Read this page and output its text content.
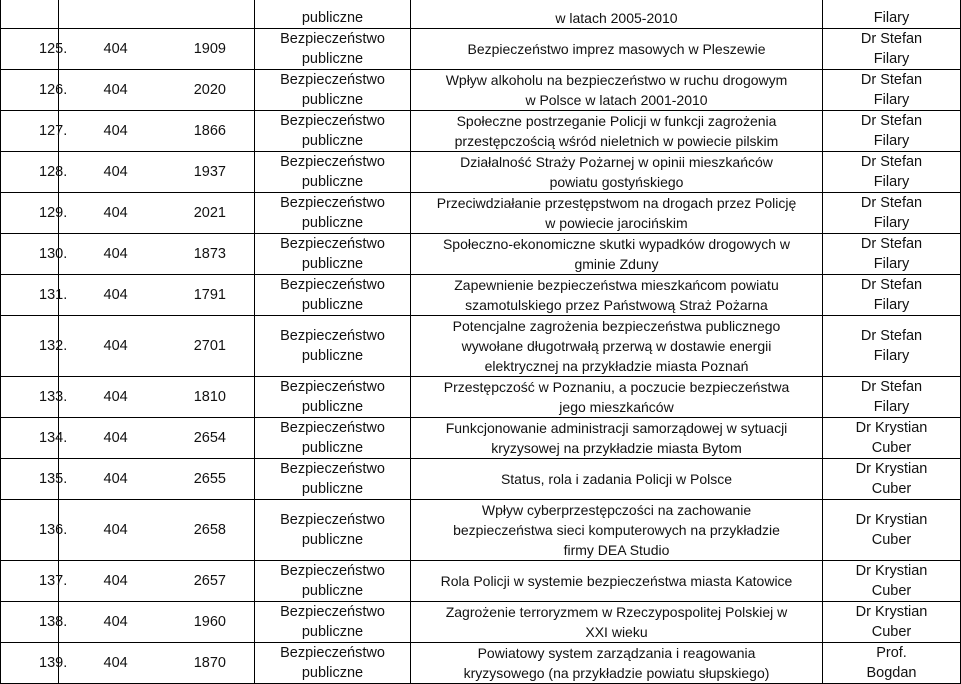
		publiczne	w latach 2005-2010	Filary
125.	404 1909	Bezpieczeństwo
publiczne	Bezpieczeństwo imprez masowych w Pleszewie	Dr Stefan
Filary
126.	404 2020	Bezpieczeństwo
publiczne	Wpływ alkoholu na bezpieczeństwo w ruchu drogowym
w Polsce w latach 2001-2010	Dr Stefan
Filary
127.	404 1866	Bezpieczeństwo
publiczne	Społeczne postrzeganie Policji w funkcji zagrożenia
przestępczością wśród nieletnich w powiecie pilskim	Dr Stefan
Filary
128.	404 1937	Bezpieczeństwo
publiczne	Działalność Straży Pożarnej w opinii mieszkańców
powiatu gostyńskiego	Dr Stefan
Filary
129.	404 2021	Bezpieczeństwo
publiczne	Przeciwdziałanie przestępstwom na drogach przez Policję
w powiecie jarocińskim	Dr Stefan
Filary
130.	404 1873	Bezpieczeństwo
publiczne	Społeczno-ekonomiczne skutki wypadków drogowych w
gminie Zduny	Dr Stefan
Filary
131.	404 1791	Bezpieczeństwo
publiczne	Zapewnienie bezpieczeństwa mieszkańcom powiatu
szamotulskiego przez Państwową Straż Pożarna	Dr Stefan
Filary
132.	404 2701	Bezpieczeństwo
publiczne	Potencjalne zagrożenia bezpieczeństwa publicznego
wywołane długotrwałą przerwą w dostawie energii
elektrycznej na przykładzie miasta Poznań	Dr Stefan
Filary
133.	404 1810	Bezpieczeństwo
publiczne	Przestępczość w Poznaniu, a poczucie bezpieczeństwa
jego mieszkańców	Dr Stefan
Filary
134.	404 2654	Bezpieczeństwo
publiczne	Funkcjonowanie administracji samorządowej w sytuacji
kryzysowej na przykładzie miasta Bytom	Dr Krystian
Cuber
135.	404 2655	Bezpieczeństwo
publiczne	Status, rola i zadania Policji w Polsce	Dr Krystian
Cuber
136.	404 2658	Bezpieczeństwo
publiczne	Wpływ cyberprzestępczości na zachowanie
bezpieczeństwa sieci komputerowych na przykładzie
firmy DEA Studio	Dr Krystian
Cuber
137.	404 2657	Bezpieczeństwo
publiczne	Rola Policji w systemie bezpieczeństwa miasta Katowice	Dr Krystian
Cuber
138.	404 1960	Bezpieczeństwo
publiczne	Zagrożenie terroryzmem w Rzeczypospolitej Polskiej w
XXI wieku	Dr Krystian
Cuber
139.	404 1870	Bezpieczeństwo
publiczne	Powiatowy system zarządzania i reagowania
kryzysowego (na przykładzie powiatu słupskiego)	Prof.
Bogdan
